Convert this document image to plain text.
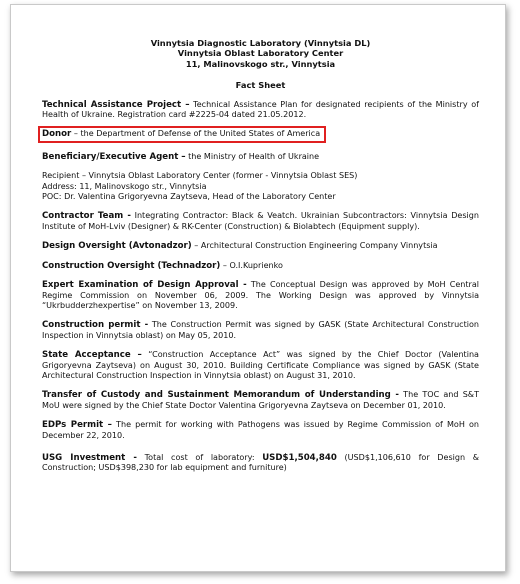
Vinnytsia Diagnostic Laboratory (Vinnytsia DL)
Vinnytsia Oblast Laboratory Center
11, Malinovskogo str., Vinnytsia
Fact Sheet

Technical Assistance Project – Technical Assistance Plan for designated recipients of the Ministry of Health of Ukraine. Registration card #2225-04 dated 21.05.2012.

Donor – the Department of Defense of the United States of America

Beneficiary/Executive Agent – the Ministry of Health of Ukraine

Recipient – Vinnytsia Oblast Laboratory Center (former - Vinnytsia Oblast SES)
Address: 11, Malinovskogo str., Vinnytsia
POC: Dr. Valentina Grigoryevna Zaytseva, Head of the Laboratory Center

Contractor Team - Integrating Contractor: Black & Veatch. Ukrainian Subcontractors: Vinnytsia Design Institute of MoH-Lviv (Designer) & RK-Center (Construction) & Biolabtech (Equipment supply).

Design Oversight (Avtonadzor) – Architectural Construction Engineering Company Vinnytsia

Construction Oversight (Technadzor) – O.I.Kuprienko

Expert Examination of Design Approval - The Conceptual Design was approved by MoH Central Regime Commission on November 06, 2009. The Working Design was approved by Vinnytsia “Ukrbudderzhexpertise” on November 13, 2009.

Construction permit - The Construction Permit was signed by GASK (State Architectural Construction Inspection in Vinnytsia oblast) on May 05, 2010.

State Acceptance – “Construction Acceptance Act” was signed by the Chief Doctor (Valentina Grigoryevna Zaytseva) on August 30, 2010. Building Certificate Compliance was signed by GASK (State Architectural Construction Inspection in Vinnytsia oblast) on August 31, 2010.

Transfer of Custody and Sustainment Memorandum of Understanding - The TOC and S&T MoU were signed by the Chief State Doctor Valentina Grigoryevna Zaytseva on December 01, 2010.

EDPs Permit – The permit for working with Pathogens was issued by Regime Commission of MoH on December 22, 2010.

USG Investment - Total cost of laboratory: USD$1,504,840 (USD$1,106,610 for Design & Construction; USD$398,230 for lab equipment and furniture)
